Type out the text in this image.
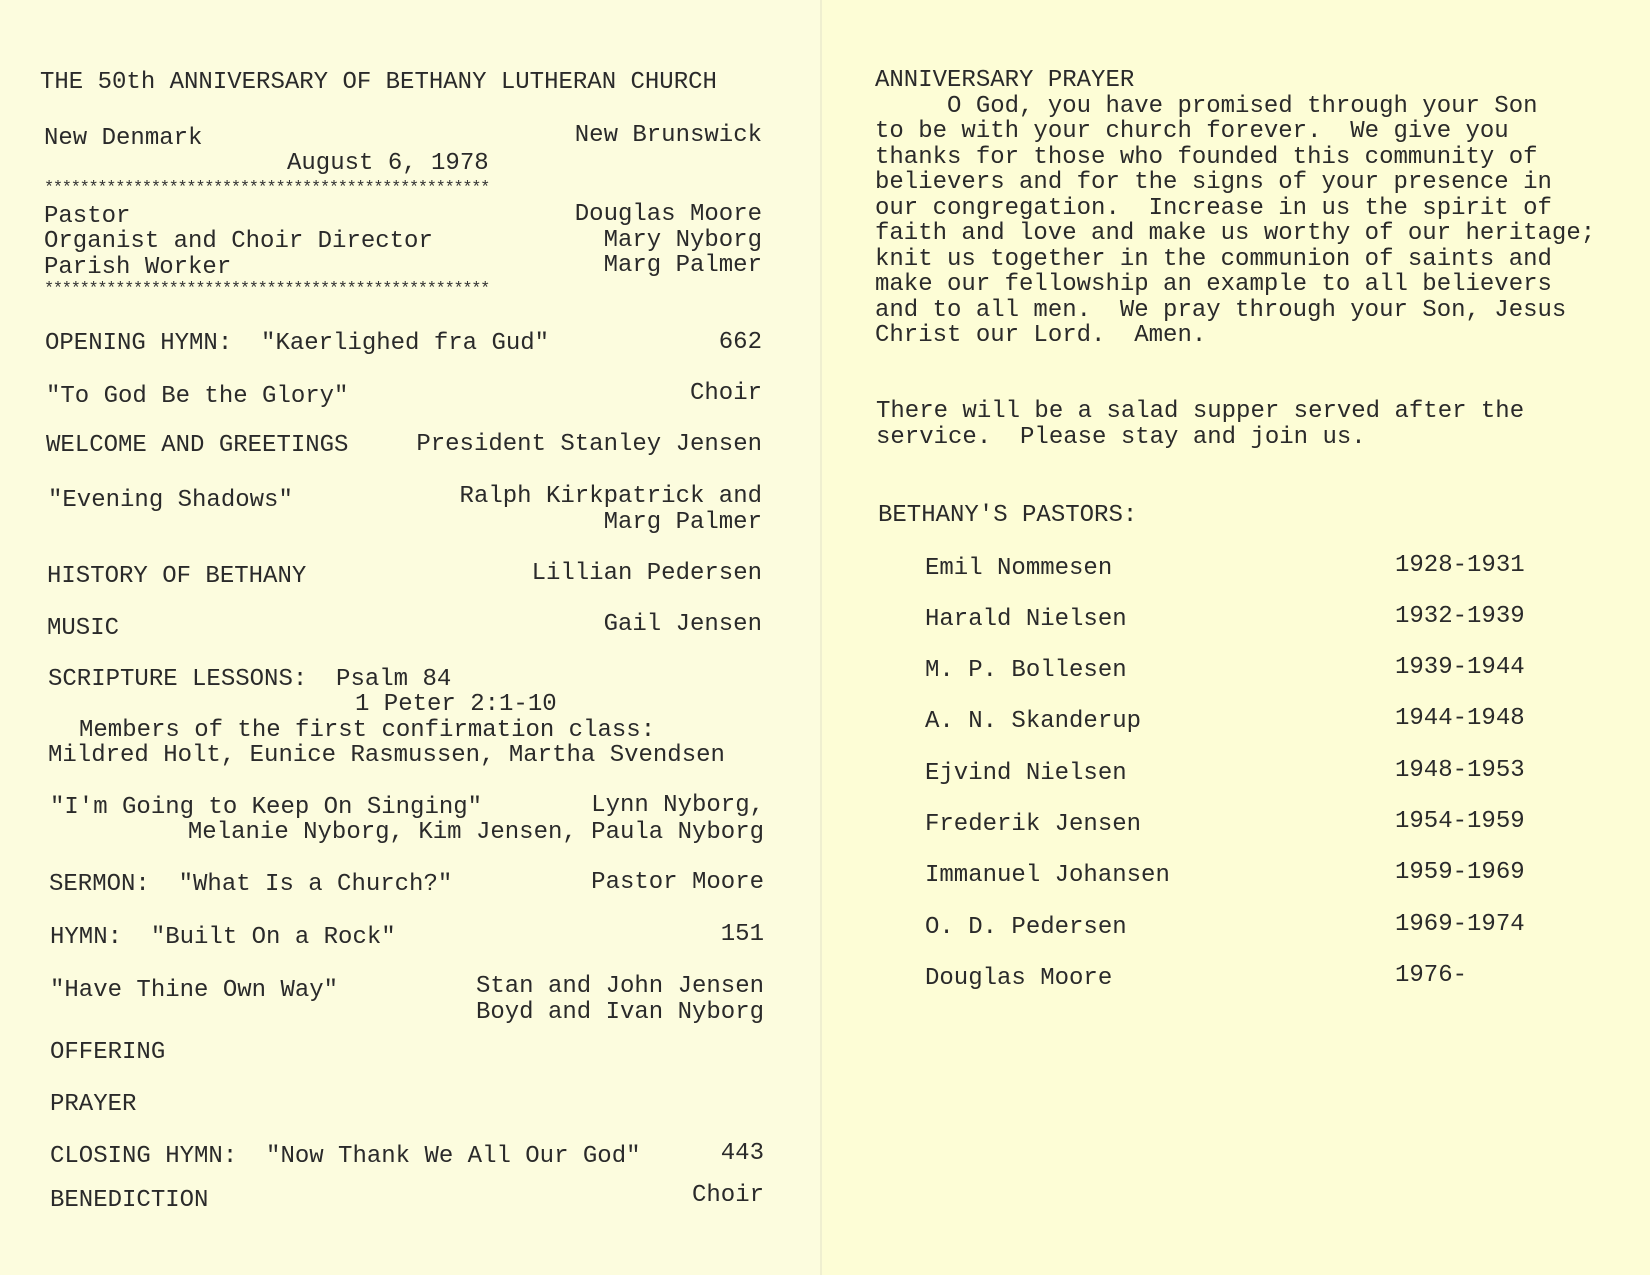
THE 50th ANNIVERSARY OF BETHANY LUTHERAN CHURCH
New Denmark	New Brunswick
August 6, 1978
**************************************************
Pastor	Douglas Moore
Organist and Choir Director	Mary Nyborg
Parish Worker	Marg Palmer
**************************************************
OPENING HYMN:  "Kaerlighed fra Gud"	662
"To God Be the Glory"	Choir
WELCOME AND GREETINGS	President Stanley Jensen
"Evening Shadows"	Ralph Kirkpatrick and
Marg Palmer
HISTORY OF BETHANY	Lillian Pedersen
MUSIC	Gail Jensen
SCRIPTURE LESSONS:  Psalm 84
1 Peter 2:1-10
Members of the first confirmation class:
Mildred Holt, Eunice Rasmussen, Martha Svendsen
"I'm Going to Keep On Singing"	Lynn Nyborg,
Melanie Nyborg, Kim Jensen, Paula Nyborg
SERMON:  "What Is a Church?"	Pastor Moore
HYMN:  "Built On a Rock"	151
"Have Thine Own Way"	Stan and John Jensen
Boyd and Ivan Nyborg
OFFERING
PRAYER
CLOSING HYMN:  "Now Thank We All Our God"	443
BENEDICTION	Choir

ANNIVERSARY PRAYER

O God, you have promised through your Son

to be with your church forever.  We give you

thanks for those who founded this community of

believers and for the signs of your presence in

our congregation.  Increase in us the spirit of

faith and love and make us worthy of our heritage;

knit us together in the communion of saints and

make our fellowship an example to all believers

and to all men.  We pray through your Son, Jesus

Christ our Lord.  Amen.

There will be a salad supper served after the
service.  Please stay and join us.
BETHANY'S PASTORS:
Emil Nommesen	1928-1931
Harald Nielsen	1932-1939
M. P. Bollesen	1939-1944
A. N. Skanderup	1944-1948
Ejvind Nielsen	1948-1953
Frederik Jensen	1954-1959
Immanuel Johansen	1959-1969
O. D. Pedersen	1969-1974
Douglas Moore	1976-
